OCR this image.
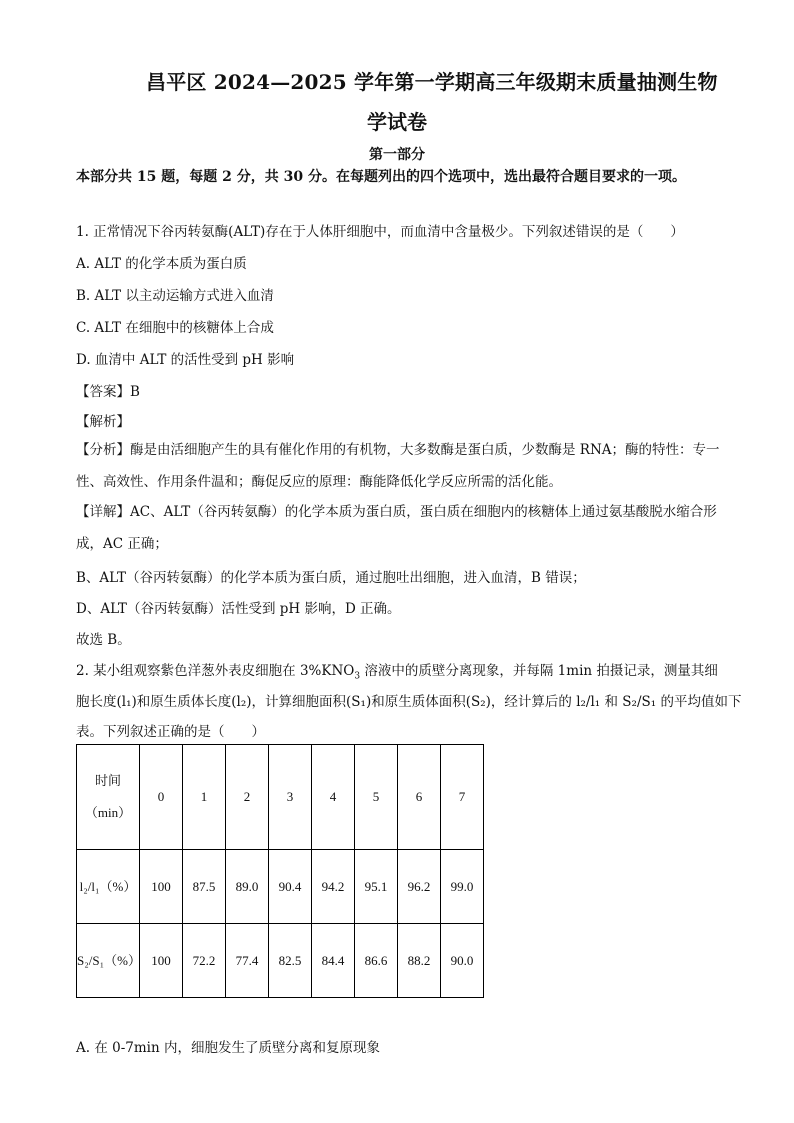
昌平区 2024—2025 学年第一学期高三年级期末质量抽测生物
学试卷
第一部分
本部分共 15 题，每题 2 分，共 30 分。在每题列出的四个选项中，选出最符合题目要求的一项。
1. 正常情况下谷丙转氨酶(ALT)存在于人体肝细胞中，而血清中含量极少。下列叙述错误的是（　　）
A. ALT 的化学本质为蛋白质
B. ALT 以主动运输方式进入血清
C. ALT 在细胞中的核糖体上合成
D. 血清中 ALT 的活性受到 pH 影响
【答案】B
【解析】
【分析】酶是由活细胞产生的具有催化作用的有机物，大多数酶是蛋白质，少数酶是 RNA；酶的特性：专一性、高效性、作用条件温和；酶促反应的原理：酶能降低化学反应所需的活化能。
【详解】AC、ALT（谷丙转氨酶）的化学本质为蛋白质，蛋白质在细胞内的核糖体上通过氨基酸脱水缩合形成，AC 正确；
B、ALT（谷丙转氨酶）的化学本质为蛋白质，通过胞吐出细胞，进入血清，B 错误；
D、ALT（谷丙转氨酶）活性受到 pH 影响，D 正确。
故选 B。
2. 某小组观察紫色洋葱外表皮细胞在 $3\%KNO_3$ 溶液中的质壁分离现象，并每隔 1min 拍摄记录，测量其细
胞长度(l₁)和原生质体长度(l₂)，计算细胞面积(S₁)和原生质体面积(S₂)，经计算后的 l₂/l₁ 和 S₂/S₁ 的平均值如下
表。下列叙述正确的是（　　）
时间（min）	0	1	2	3	4	5	6	7
l₂/l₁（%）	100	87.5	89.0	90.4	94.2	95.1	96.2	99.0
S₂/S₁（%）	100	72.2	77.4	82.5	84.4	86.6	88.2	90.0
A. 在 0-7min 内，细胞发生了质壁分离和复原现象
